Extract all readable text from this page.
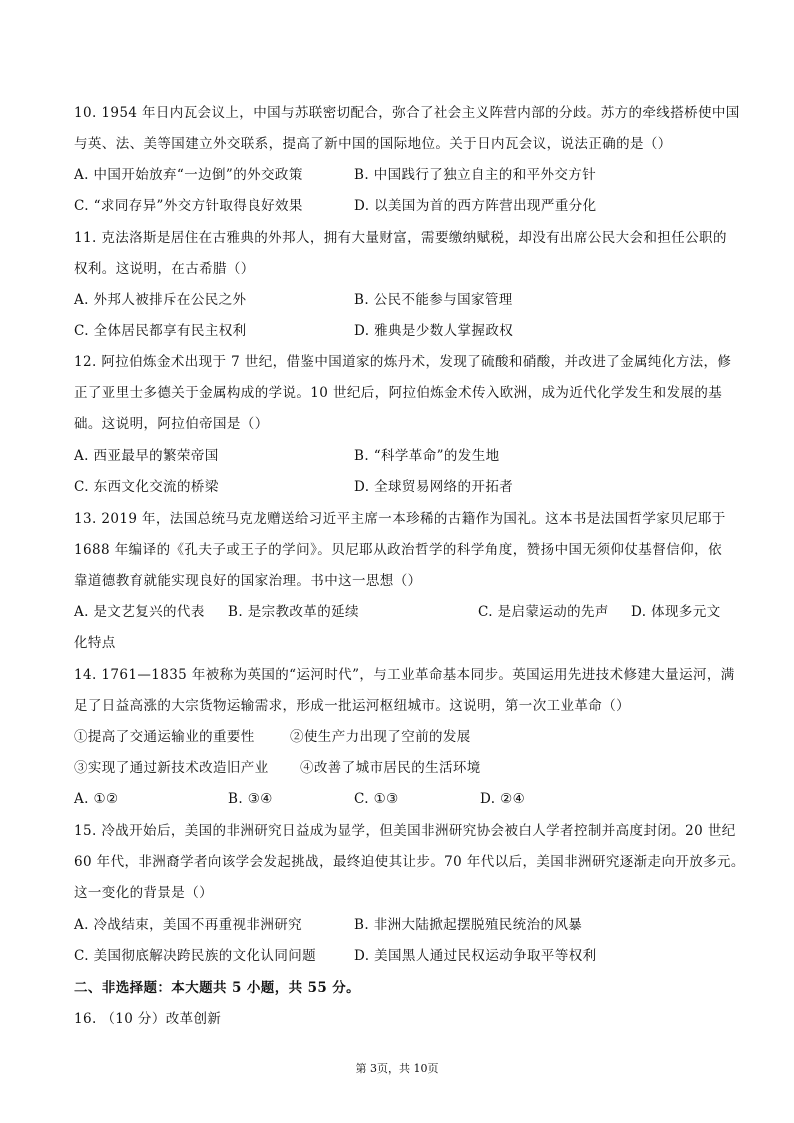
10. 1954 年日内瓦会议上，中国与苏联密切配合，弥合了社会主义阵营内部的分歧。苏方的牵线搭桥使中国
与英、法、美等国建立外交联系，提高了新中国的国际地位。关于日内瓦会议，说法正确的是（）
A. 中国开始放弃“一边倒”的外交政策	B. 中国践行了独立自主的和平外交方针
C. “求同存异”外交方针取得良好效果	D. 以美国为首的西方阵营出现严重分化
11. 克法洛斯是居住在古雅典的外邦人，拥有大量财富，需要缴纳赋税，却没有出席公民大会和担任公职的
权利。这说明，在古希腊（）
A. 外邦人被排斥在公民之外	B. 公民不能参与国家管理
C. 全体居民都享有民主权利	D. 雅典是少数人掌握政权
12. 阿拉伯炼金术出现于 7 世纪，借鉴中国道家的炼丹术，发现了硫酸和硝酸，并改进了金属纯化方法，修
正了亚里士多德关于金属构成的学说。10 世纪后，阿拉伯炼金术传入欧洲，成为近代化学发生和发展的基
础。这说明，阿拉伯帝国是（）
A. 西亚最早的繁荣帝国	B. “科学革命”的发生地
C. 东西文化交流的桥梁	D. 全球贸易网络的开拓者
13. 2019 年，法国总统马克龙赠送给习近平主席一本珍稀的古籍作为国礼。这本书是法国哲学家贝尼耶于
1688 年编译的《孔夫子或王子的学问》。贝尼耶从政治哲学的科学角度，赞扬中国无须仰仗基督信仰，依
靠道德教育就能实现良好的国家治理。书中这一思想（）
A. 是文艺复兴的代表 B. 是宗教改革的延续	C. 是启蒙运动的先声 D. 体现多元文
化特点
14. 1761—1835 年被称为英国的“运河时代”，与工业革命基本同步。英国运用先进技术修建大量运河，满
足了日益高涨的大宗货物运输需求，形成一批运河枢纽城市。这说明，第一次工业革命（）
①提高了交通运输业的重要性	②使生产力出现了空前的发展
③实现了通过新技术改造旧产业 ④改善了城市居民的生活环境
A. ①②	B. ③④	C. ①③	D. ②④
15. 冷战开始后，美国的非洲研究日益成为显学，但美国非洲研究协会被白人学者控制并高度封闭。20 世纪
60 年代，非洲裔学者向该学会发起挑战，最终迫使其让步。70 年代以后，美国非洲研究逐渐走向开放多元。
这一变化的背景是（）
A. 冷战结束，美国不再重视非洲研究	B. 非洲大陆掀起摆脱殖民统治的风暴
C. 美国彻底解决跨民族的文化认同问题	D. 美国黑人通过民权运动争取平等权利
二、非选择题：本大题共 5 小题，共 55 分。
16. （10 分）改革创新
第 3页，共 10页
